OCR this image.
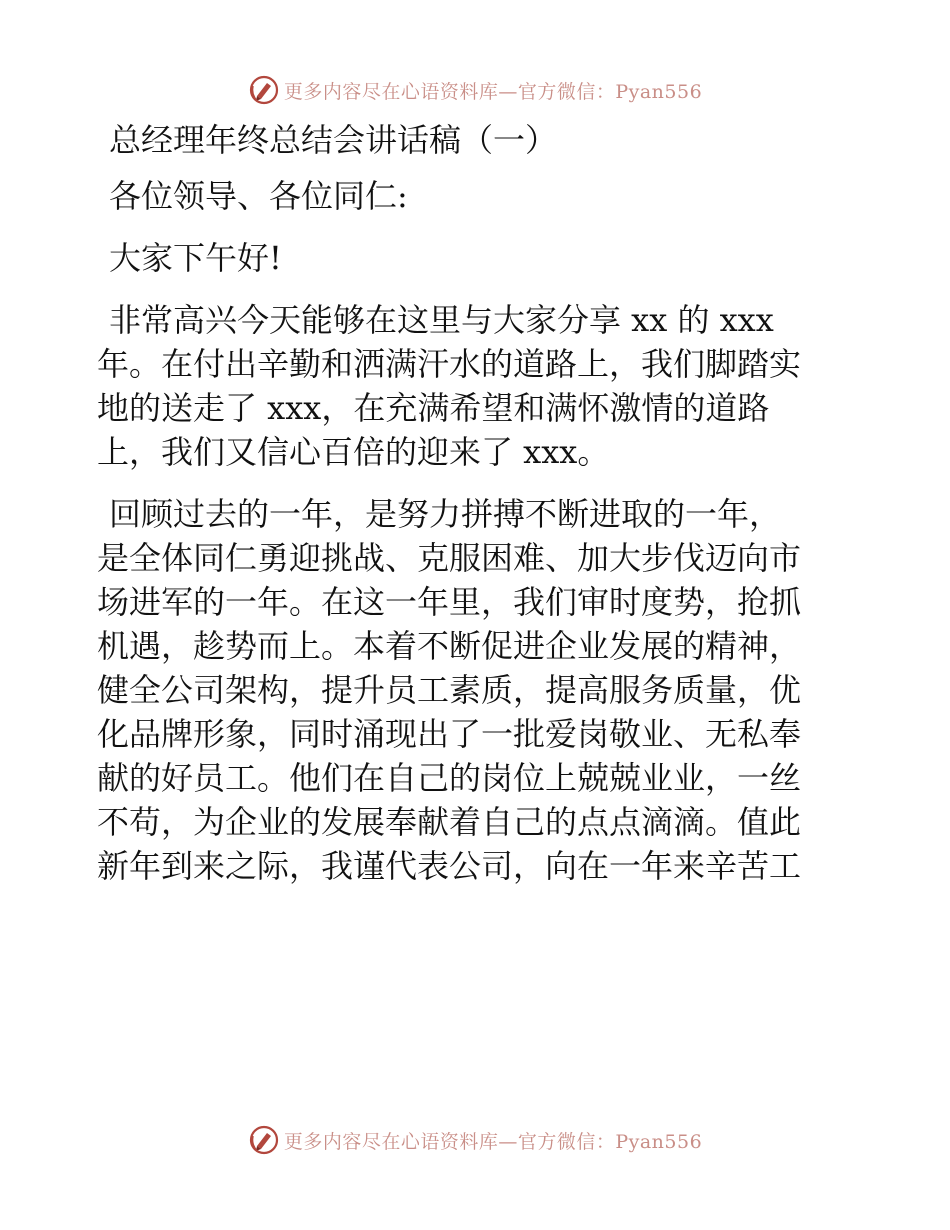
更多内容尽在心语资料库—官方微信：Pyan556
总经理年终总结会讲话稿（一）
各位领导、各位同仁:
大家下午好!
非常高兴今天能够在这里与大家分享 xx 的 xxx
年。在付出辛勤和洒满汗水的道路上，我们脚踏实
地的送走了 xxx，在充满希望和满怀激情的道路
上，我们又信心百倍的迎来了 xxx。
回顾过去的一年，是努力拼搏不断进取的一年，
是全体同仁勇迎挑战、克服困难、加大步伐迈向市
场进军的一年。在这一年里，我们审时度势，抢抓
机遇，趁势而上。本着不断促进企业发展的精神，
健全公司架构，提升员工素质，提高服务质量，优
化品牌形象，同时涌现出了一批爱岗敬业、无私奉
献的好员工。他们在自己的岗位上兢兢业业，一丝
不苟，为企业的发展奉献着自己的点点滴滴。值此
新年到来之际，我谨代表公司，向在一年来辛苦工
更多内容尽在心语资料库—官方微信：Pyan556
